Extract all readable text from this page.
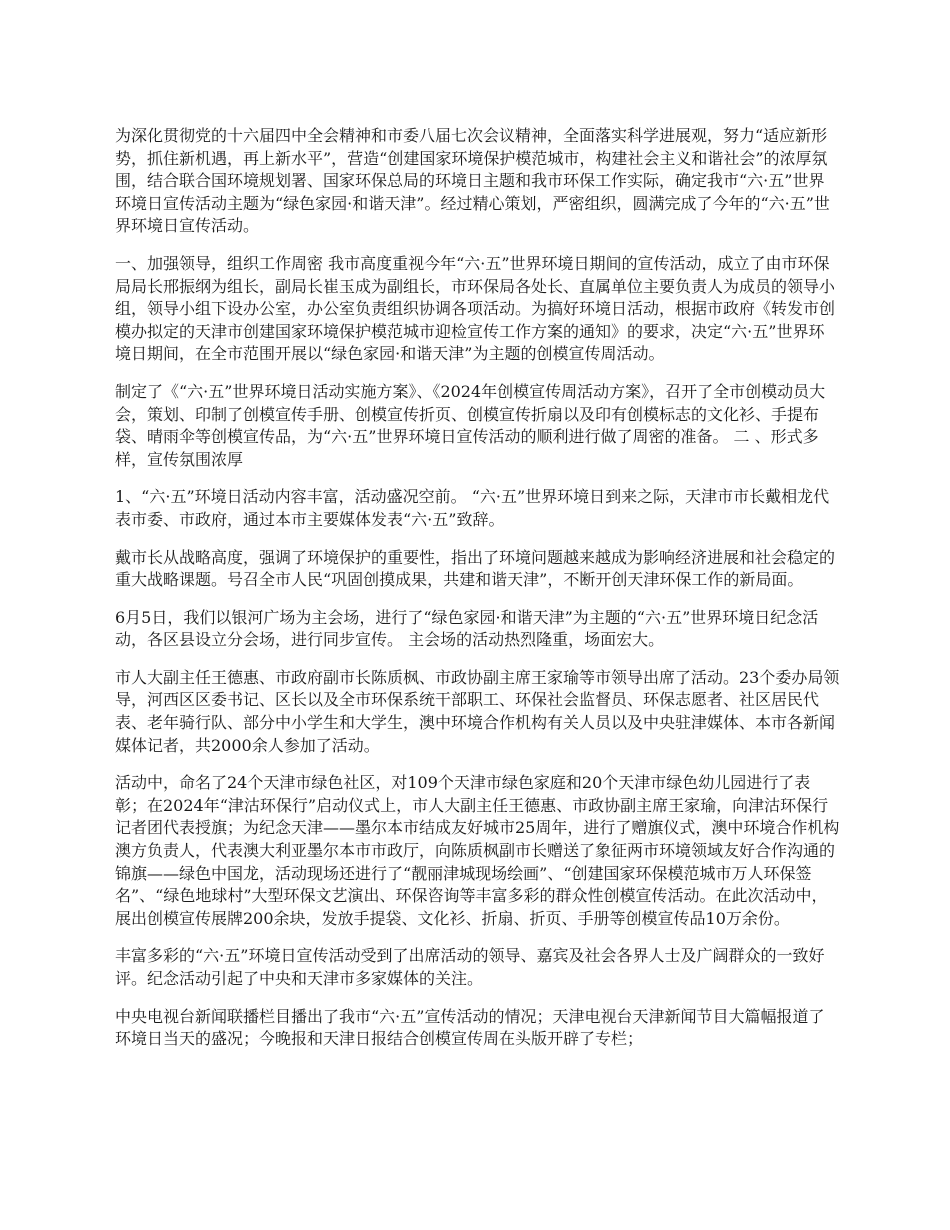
为深化贯彻党的十六届四中全会精神和市委八届七次会议精神，全面落实科学进展观，努力“适应新形势，抓住新机遇，再上新水平”，营造“创建国家环境保护模范城市，构建社会主义和谐社会”的浓厚氛围，结合联合国环境规划署、国家环保总局的环境日主题和我市环保工作实际，确定我市“六·五”世界环境日宣传活动主题为“绿色家园·和谐天津”。经过精心策划，严密组织，圆满完成了今年的“六·五”世界环境日宣传活动。

一、加强领导，组织工作周密 我市高度重视今年“六·五”世界环境日期间的宣传活动，成立了由市环保局局长邢振纲为组长，副局长崔玉成为副组长，市环保局各处长、直属单位主要负责人为成员的领导小组，领导小组下设办公室，办公室负责组织协调各项活动。为搞好环境日活动，根据市政府《转发市创模办拟定的天津市创建国家环境保护模范城市迎检宣传工作方案的通知》的要求，决定“六·五”世界环境日期间，在全市范围开展以“绿色家园·和谐天津”为主题的创模宣传周活动。

制定了《“六·五”世界环境日活动实施方案》、《2024年创模宣传周活动方案》，召开了全市创模动员大会，策划、印制了创模宣传手册、创模宣传折页、创模宣传折扇以及印有创模标志的文化衫、手提布袋、晴雨伞等创模宣传品，为“六·五”世界环境日宣传活动的顺利进行做了周密的准备。 二 、形式多样，宣传氛围浓厚

1、“六·五”环境日活动内容丰富，活动盛况空前。 “六·五”世界环境日到来之际，天津市市长戴相龙代表市委、市政府，通过本市主要媒体发表“六·五”致辞。

戴市长从战略高度，强调了环境保护的重要性，指出了环境问题越来越成为影响经济进展和社会稳定的重大战略课题。号召全市人民“巩固创摸成果，共建和谐天津”，不断开创天津环保工作的新局面。

6月5日，我们以银河广场为主会场，进行了“绿色家园·和谐天津”为主题的“六·五”世界环境日纪念活动，各区县设立分会场，进行同步宣传。 主会场的活动热烈隆重，场面宏大。

市人大副主任王德惠、市政府副市长陈质枫、市政协副主席王家瑜等市领导出席了活动。23个委办局领导，河西区区委书记、区长以及全市环保系统干部职工、环保社会监督员、环保志愿者、社区居民代表、老年骑行队、部分中小学生和大学生，澳中环境合作机构有关人员以及中央驻津媒体、本市各新闻媒体记者，共2000余人参加了活动。

活动中，命名了24个天津市绿色社区，对109个天津市绿色家庭和20个天津市绿色幼儿园进行了表彰；在2024年“津沽环保行”启动仪式上，市人大副主任王德惠、市政协副主席王家瑜，向津沽环保行记者团代表授旗；为纪念天津——墨尔本市结成友好城市25周年，进行了赠旗仪式，澳中环境合作机构澳方负责人，代表澳大利亚墨尔本市市政厅，向陈质枫副市长赠送了象征两市环境领域友好合作沟通的锦旗——绿色中国龙，活动现场还进行了“靓丽津城现场绘画”、“创建国家环保模范城市万人环保签名”、“绿色地球村”大型环保文艺演出、环保咨询等丰富多彩的群众性创模宣传活动。在此次活动中，展出创模宣传展牌200余块，发放手提袋、文化衫、折扇、折页、手册等创模宣传品10万余份。

丰富多彩的“六·五”环境日宣传活动受到了出席活动的领导、嘉宾及社会各界人士及广阔群众的一致好评。纪念活动引起了中央和天津市多家媒体的关注。

中央电视台新闻联播栏目播出了我市“六·五”宣传活动的情况；天津电视台天津新闻节目大篇幅报道了环境日当天的盛况；今晚报和天津日报结合创模宣传周在头版开辟了专栏；
